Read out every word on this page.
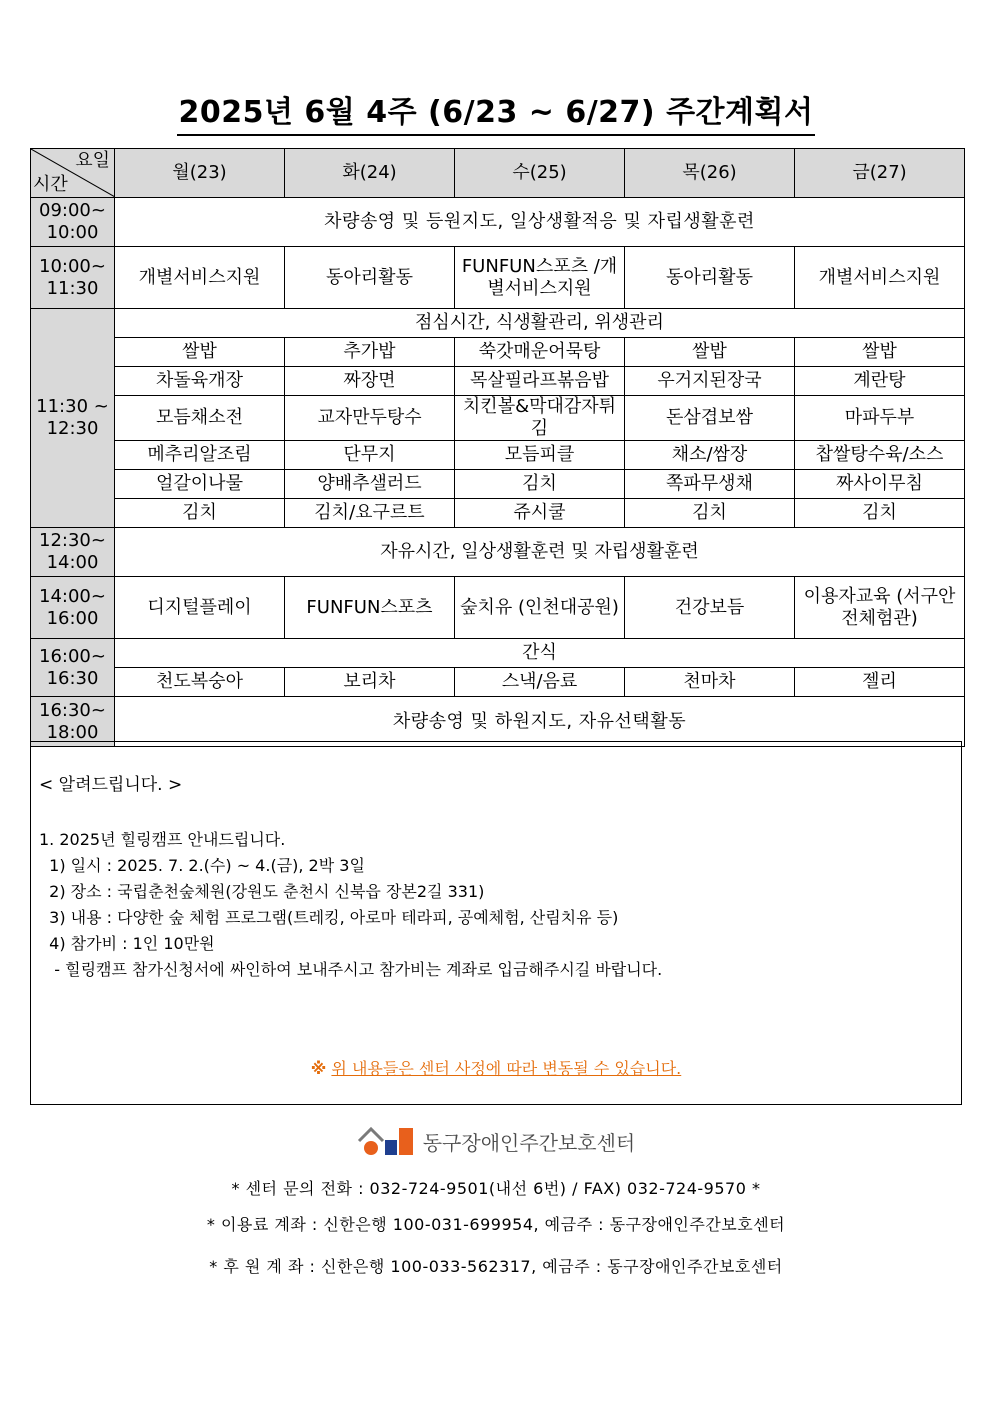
2025년 6월 4주 (6/23 ~ 6/27) 주간계획서
요일
시간	월(23)	화(24)	수(25)	목(26)	금(27)
09:00~ 10:00	차량송영 및 등원지도, 일상생활적응 및 자립생활훈련				
10:00~ 11:30	개별서비스지원	동아리활동	FUNFUN스포츠 /개별서비스지원	동아리활동	개별서비스지원
11:30 ~ 12:30	점심시간, 식생활관리, 위생관리				
	쌀밥	추가밥	쑥갓매운어묵탕	쌀밥	쌀밥
	차돌육개장	짜장면	목살필라프볶음밥	우거지된장국	계란탕
	모듬채소전	교자만두탕수	치킨볼&막대감자튀김	돈삼겹보쌈	마파두부
	메추리알조림	단무지	모듬피클	채소/쌈장	찹쌀탕수육/소스
	얼갈이나물	양배추샐러드	김치	쪽파무생채	짜사이무침
	김치	김치/요구르트	쥬시쿨	김치	김치
12:30~ 14:00	자유시간, 일상생활훈련 및 자립생활훈련				
14:00~ 16:00	디지털플레이	FUNFUN스포츠	숲치유 (인천대공원)	건강보듬	이용자교육 (서구안전체험관)
16:00~ 16:30	간식				
	천도복숭아	보리차	스낵/음료	천마차	젤리
16:30~ 18:00	차량송영 및 하원지도, 자유선택활동				
< 알려드립니다. >
1. 2025년 힐링캠프 안내드립니다.
1) 일시 : 2025. 7. 2.(수) ~ 4.(금), 2박 3일
2) 장소 : 국립춘천숲체원(강원도 춘천시 신북읍 장본2길 331)
3) 내용 : 다양한 숲 체험 프로그램(트레킹, 아로마 테라피, 공예체험, 산림치유 등)
4) 참가비 : 1인 10만원
- 힐링캠프 참가신청서에 싸인하여 보내주시고 참가비는 계좌로 입금해주시길 바랍니다.
※ 위 내용들은 센터 사정에 따라 변동될 수 있습니다.
동구장애인주간보호센터
* 센터 문의 전화 : 032-724-9501(내선 6번) / FAX) 032-724-9570 *
* 이용료 계좌 : 신한은행 100-031-699954, 예금주 : 동구장애인주간보호센터
* 후 원 계 좌 : 신한은행 100-033-562317, 예금주 : 동구장애인주간보호센터
